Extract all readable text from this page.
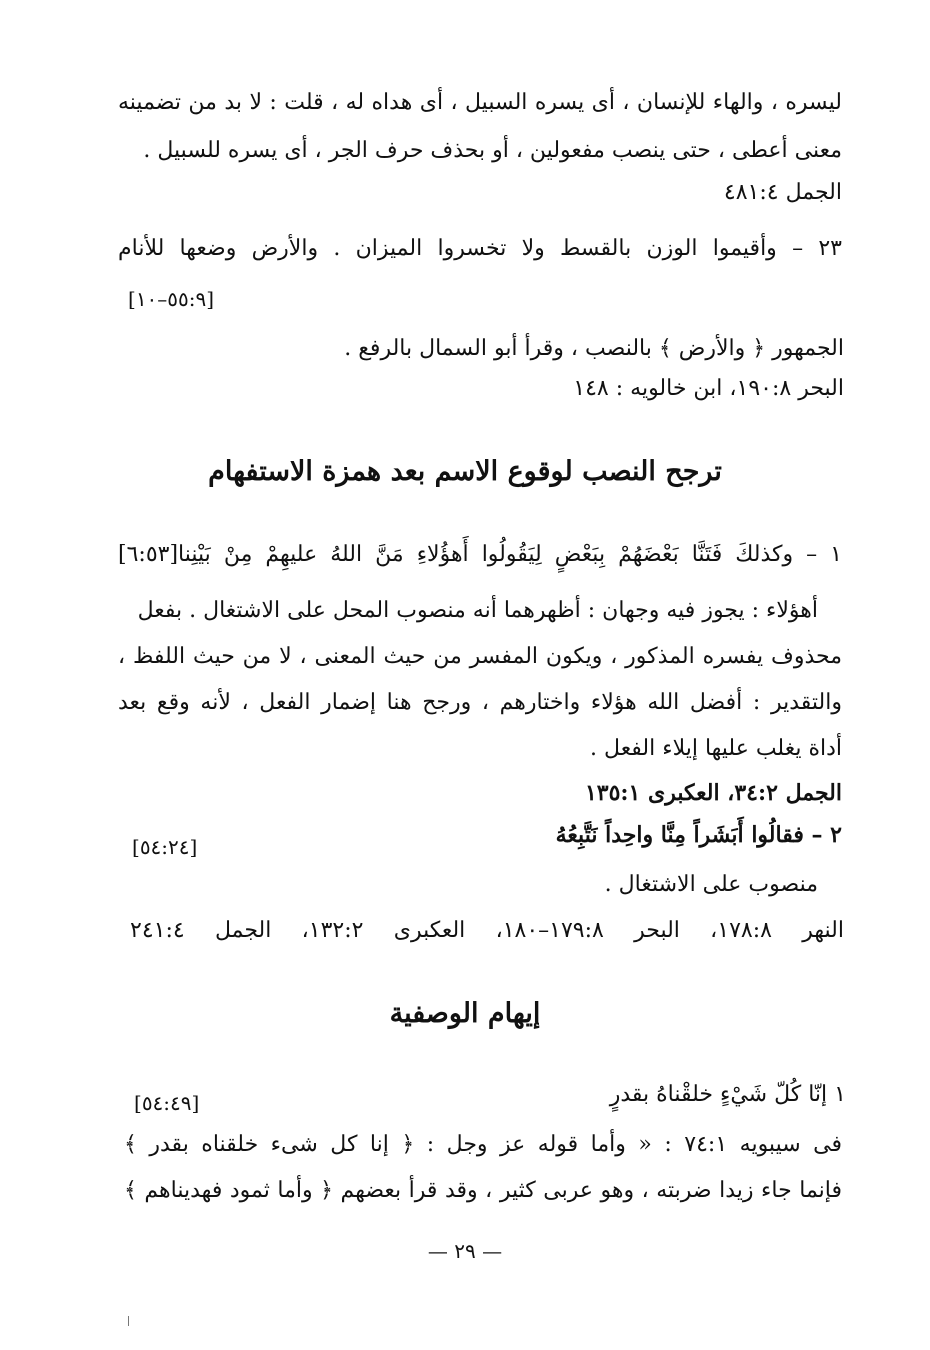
ليسره ، والهاء للإنسان ، أى يسره السبيل ، أى هداه له ، قلت : لا بد من تضمينه
معنى أعطى ، حتى ينصب مفعولين ، أو بحذف حرف الجر ، أى يسره للسبيل .
الجمل ٤٨١:٤
٢٣ – وأقيموا الوزن بالقسط ولا تخسروا الميزان . والأرض وضعها للأنام
[٥٥:٩–١٠]
الجمهور ﴿ والأرض ﴾ بالنصب ، وقرأ أبو السمال بالرفع .
البحر ١٩٠:٨، ابن خالويه : ١٤٨
ترجح النصب لوقوع الاسم بعد همزة الاستفهام
١ – وكذلكَ فَتَنَّا بَعْضَهُمْ بِبَعْضٍ لِيَقُولُوا أَهؤُلاءِ مَنَّ اللهُ عليهِمْ مِنْ بَيْنِنا[٦:٥٣]
أهؤلاء : يجوز فيه وجهان : أظهرهما أنه منصوب المحل على الاشتغال . بفعل
محذوف يفسره المذكور ، ويكون المفسر من حيث المعنى ، لا من حيث اللفظ ،
والتقدير : أفضل الله هؤلاء واختارهم ، ورجح هنا إضمار الفعل ، لأنه وقع بعد
أداة يغلب عليها إيلاء الفعل .
الجمل ٣٤:٢، العكبرى ١٣٥:١
٢ – فقالُوا أَبَشَراً مِنَّا واحِداً نَتَّبِعُهُ
[٥٤:٢٤]
منصوب على الاشتغال .
النهر ١٧٨:٨، البحر ١٧٩:٨–١٨٠، العكبرى ١٣٢:٢، الجمل ٢٤١:٤
إيهام الوصفية
١ إنّا كُلّ شَيْءٍ خلقْناهُ بقدرٍ
[٥٤:٤٩]
فى سيبويه ٧٤:١ : « وأما قوله عز وجل : ﴿ إنا كل شىء خلقناه بقدر ﴾
فإنما جاء زيدا ضربته ، وهو عربى كثير ، وقد قرأ بعضهم ﴿ وأما ثمود فهديناهم ﴾
— ٢٩ —
